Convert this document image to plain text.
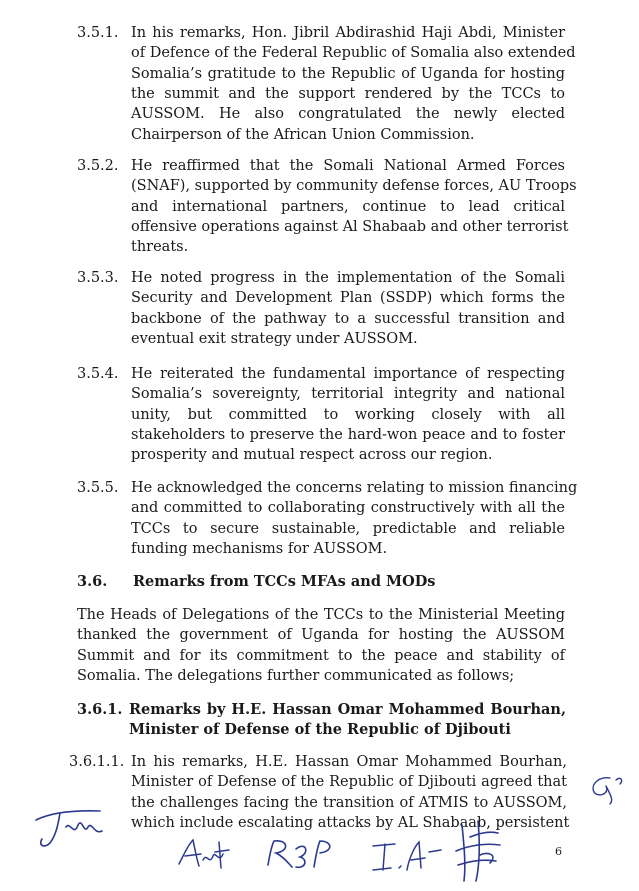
3.5.1. In his remarks, Hon. Jibril Abdirashid Haji Abdi, Minister
of Defence of the Federal Republic of Somalia also extended
Somalia’s gratitude to the Republic of Uganda for hosting
the summit and the support rendered by the TCCs to
AUSSOM. He also congratulated the newly elected
Chairperson of the African Union Commission.
3.5.2. He reaffirmed that the Somali National Armed Forces
(SNAF), supported by community defense forces, AU Troops
and international partners, continue to lead critical
offensive operations against Al Shabaab and other terrorist
threats.
3.5.3. He noted progress in the implementation of the Somali
Security and Development Plan (SSDP) which forms the
backbone of the pathway to a successful transition and
eventual exit strategy under AUSSOM.
3.5.4. He reiterated the fundamental importance of respecting
Somalia’s sovereignty, territorial integrity and national
unity, but committed to working closely with all
stakeholders to preserve the hard-won peace and to foster
prosperity and mutual respect across our region.
3.5.5. He acknowledged the concerns relating to mission financing
and committed to collaborating constructively with all the
TCCs to secure sustainable, predictable and reliable
funding mechanisms for AUSSOM.
3.6. Remarks from TCCs MFAs and MODs
The Heads of Delegations of the TCCs to the Ministerial Meeting
thanked the government of Uganda for hosting the AUSSOM
Summit and for its commitment to the peace and stability of
Somalia. The delegations further communicated as follows;
3.6.1. Remarks by H.E. Hassan Omar Mohammed Bourhan,
Minister of Defense of the Republic of Djibouti
3.6.1.1. In his remarks, H.E. Hassan Omar Mohammed Bourhan,
Minister of Defense of the Republic of Djibouti agreed that
the challenges facing the transition of ATMIS to AUSSOM,
which include escalating attacks by AL Shabaab, persistent
6
